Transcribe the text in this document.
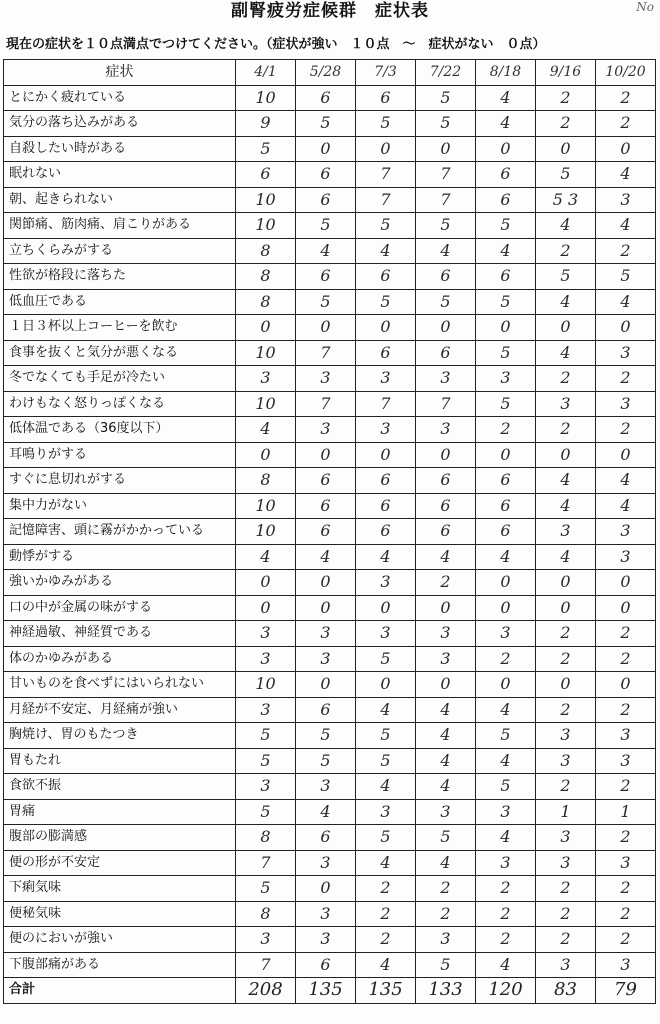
副腎疲労症候群　症状表	No
現在の症状を１０点満点でつけてください。（症状が強い　１０点　～　症状がない　０点）
症状	4/1	5/28	7/3	7/22	8/18	9/16	10/20
とにかく疲れている	10	6	6	5	4	2	2
気分の落ち込みがある	9	5	5	5	4	2	2
自殺したい時がある	5	0	0	0	0	0	0
眠れない	6	6	7	7	6	5	4
朝、起きられない	10	6	7	7	6	5 3	3
関節痛、筋肉痛、肩こりがある	10	5	5	5	5	4	4
立ちくらみがする	8	4	4	4	4	2	2
性欲が格段に落ちた	8	6	6	6	6	5	5
低血圧である	8	5	5	5	5	4	4
１日３杯以上コーヒーを飲む	0	0	0	0	0	0	0
食事を抜くと気分が悪くなる	10	7	6	6	5	4	3
冬でなくても手足が冷たい	3	3	3	3	3	2	2
わけもなく怒りっぽくなる	10	7	7	7	5	3	3
低体温である（36度以下）	4	3	3	3	2	2	2
耳鳴りがする	0	0	0	0	0	0	0
すぐに息切れがする	8	6	6	6	6	4	4
集中力がない	10	6	6	6	6	4	4
記憶障害、頭に霧がかかっている	10	6	6	6	6	3	3
動悸がする	4	4	4	4	4	4	3
強いかゆみがある	0	0	3	2	0	0	0
口の中が金属の味がする	0	0	0	0	0	0	0
神経過敏、神経質である	3	3	3	3	3	2	2
体のかゆみがある	3	3	5	3	2	2	2
甘いものを食べずにはいられない	10	0	0	0	0	0	0
月経が不安定、月経痛が強い	3	6	4	4	4	2	2
胸焼け、胃のもたつき	5	5	5	4	5	3	3
胃もたれ	5	5	5	4	4	3	3
食欲不振	3	3	4	4	5	2	2
胃痛	5	4	3	3	3	1	1
腹部の膨満感	8	6	5	5	4	3	2
便の形が不安定	7	3	4	4	3	3	3
下痢気味	5	0	2	2	2	2	2
便秘気味	8	3	2	2	2	2	2
便のにおいが強い	3	3	2	3	2	2	2
下腹部痛がある	7	6	4	5	4	3	3
合計	208	135	135	133	120	83	79
